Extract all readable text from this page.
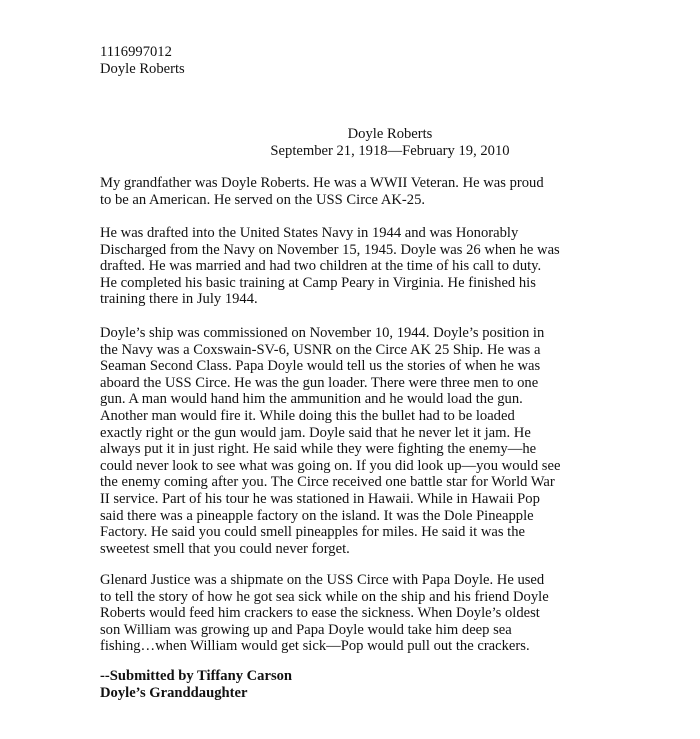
1116997012
Doyle Roberts
Doyle Roberts
September 21, 1918—February 19, 2010
My grandfather was Doyle Roberts. He was a WWII Veteran. He was proud
to be an American. He served on the USS Circe AK-25.
He was drafted into the United States Navy in 1944 and was Honorably
Discharged from the Navy on November 15, 1945. Doyle was 26 when he was
drafted. He was married and had two children at the time of his call to duty.
He completed his basic training at Camp Peary in Virginia. He finished his
training there in July 1944.
Doyle’s ship was commissioned on November 10, 1944. Doyle’s position in
the Navy was a Coxswain-SV-6, USNR on the Circe AK 25 Ship. He was a
Seaman Second Class. Papa Doyle would tell us the stories of when he was
aboard the USS Circe. He was the gun loader. There were three men to one
gun. A man would hand him the ammunition and he would load the gun.
Another man would fire it. While doing this the bullet had to be loaded
exactly right or the gun would jam. Doyle said that he never let it jam. He
always put it in just right. He said while they were fighting the enemy—he
could never look to see what was going on. If you did look up—you would see
the enemy coming after you. The Circe received one battle star for World War
II service. Part of his tour he was stationed in Hawaii. While in Hawaii Pop
said there was a pineapple factory on the island. It was the Dole Pineapple
Factory. He said you could smell pineapples for miles. He said it was the
sweetest smell that you could never forget.
Glenard Justice was a shipmate on the USS Circe with Papa Doyle. He used
to tell the story of how he got sea sick while on the ship and his friend Doyle
Roberts would feed him crackers to ease the sickness. When Doyle’s oldest
son William was growing up and Papa Doyle would take him deep sea
fishing…when William would get sick—Pop would pull out the crackers.
--Submitted by Tiffany Carson
Doyle’s Granddaughter
